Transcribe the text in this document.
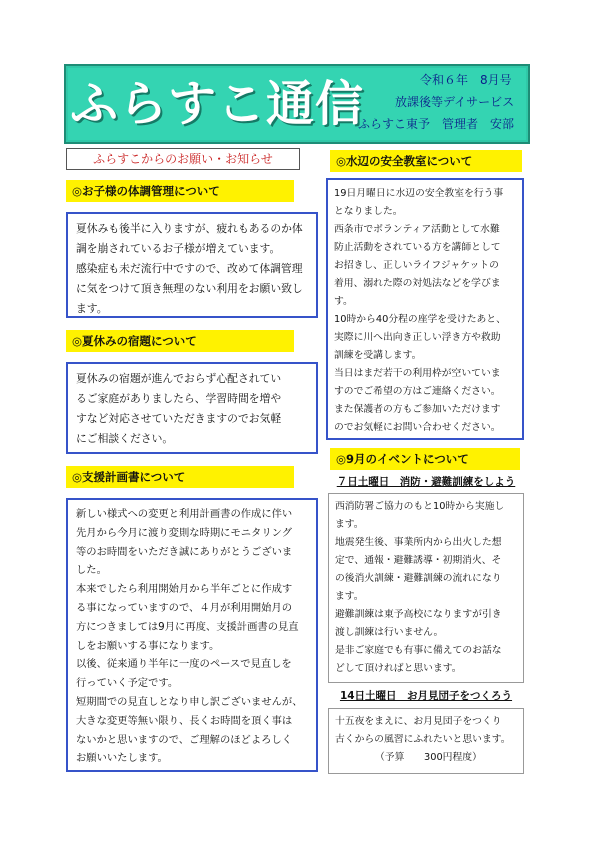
ふらすこ通信	令和６年　8月号
放課後等デイサービス
ふらすこ東予　管理者　安部
ふらすこからのお願い・お知らせ
◎お子様の体調管理について

夏休みも後半に入りますが、疲れもあるのか体

調を崩されているお子様が増えています。

感染症も未だ流行中ですので、改めて体調管理

に気をつけて頂き無理のない利用をお願い致し

ます。

◎夏休みの宿題について

夏休みの宿題が進んでおらず心配されてい

るご家庭がありましたら、学習時間を増や

すなど対応させていただきますのでお気軽

にご相談ください。

◎支援計画書について

新しい様式への変更と利用計画書の作成に伴い

先月から今月に渡り変則な時期にモニタリング

等のお時間をいただき誠にありがとうございま

した。

本来でしたら利用開始月から半年ごとに作成す

る事になっていますので、４月が利用開始月の

方につきましては9月に再度、支援計画書の見直

しをお願いする事になります。

以後、従来通り半年に一度のペースで見直しを

行っていく予定です。

短期間での見直しとなり申し訳ございませんが、

大きな変更等無い限り、長くお時間を頂く事は

ないかと思いますので、ご理解のほどよろしく

お願いいたします。

◎水辺の安全教室について

19日月曜日に水辺の安全教室を行う事

となりました。

西条市でボランティア活動として水難

防止活動をされている方を講師として

お招きし、正しいライフジャケットの

着用、溺れた際の対処法などを学びま

す。

10時から40分程の座学を受けたあと、

実際に川へ出向き正しい浮き方や救助

訓練を受講します。

当日はまだ若干の利用枠が空いていま

すのでご希望の方はご連絡ください。

また保護者の方もご参加いただけます

のでお気軽にお問い合わせください。

◎9月のイベントについて
７日土曜日　消防・避難訓練をしよう

西消防署ご協力のもと10時から実施し

ます。

地震発生後、事業所内から出火した想

定で、通報・避難誘導・初期消火、そ

の後消火訓練・避難訓練の流れになり

ます。

避難訓練は東予高校になりますが引き

渡し訓練は行いません。

是非ご家庭でも有事に備えてのお話な

どして頂ければと思います。

14日土曜日　お月見団子をつくろう

十五夜をまえに、お月見団子をつくり

古くからの風習にふれたいと思います。

（予算　　300円程度）
